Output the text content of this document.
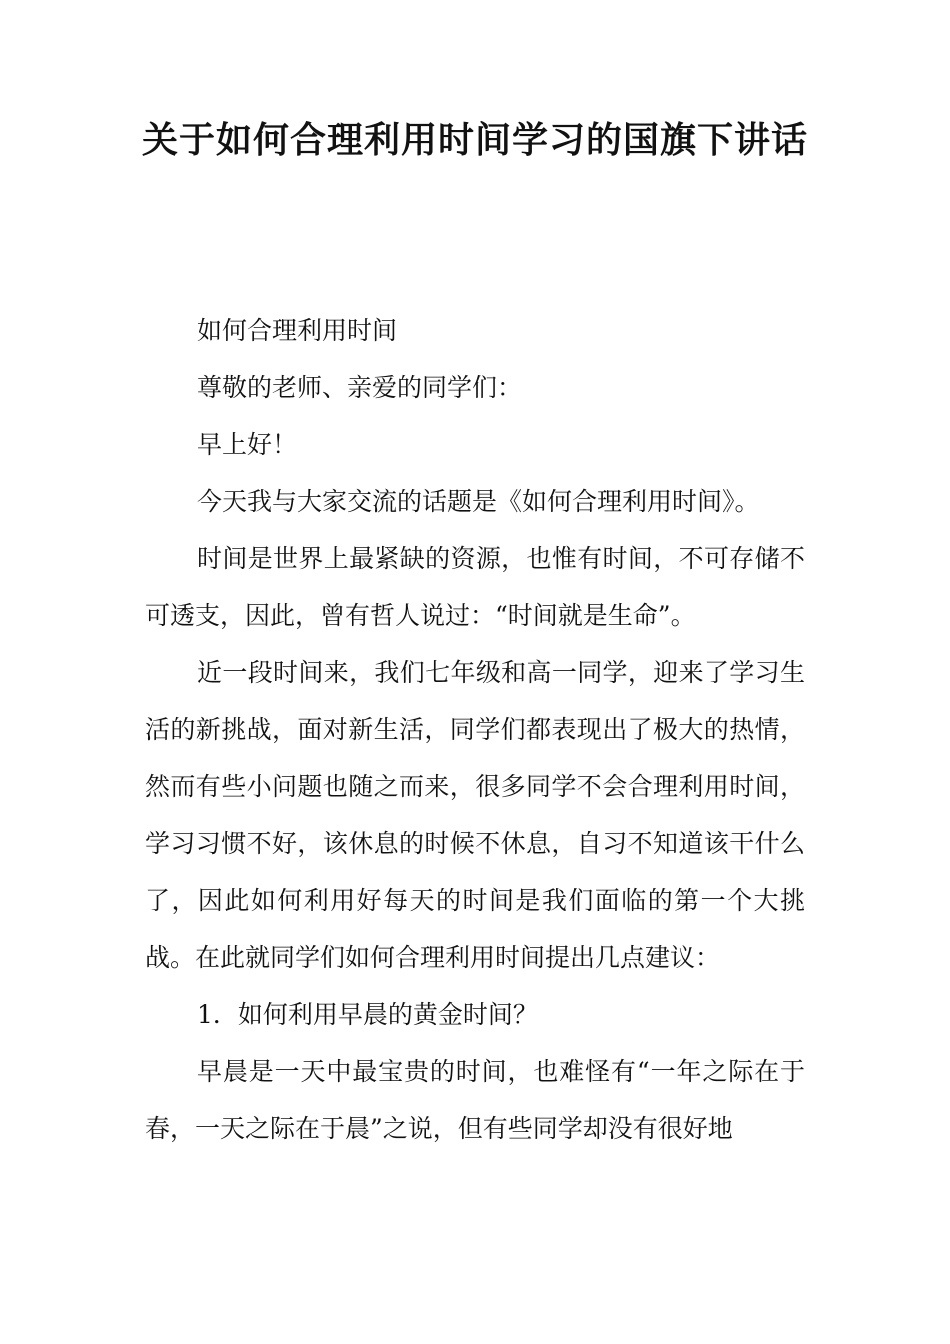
关于如何合理利用时间学习的国旗下讲话

如何合理利用时间

尊敬的老师、亲爱的同学们：

早上好！

今天我与大家交流的话题是《如何合理利用时间》。

时间是世界上最紧缺的资源，也惟有时间，不可存储不可透支，因此，曾有哲人说过：“时间就是生命”。

近一段时间来，我们七年级和高一同学，迎来了学习生活的新挑战，面对新生活，同学们都表现出了极大的热情，然而有些小问题也随之而来，很多同学不会合理利用时间，学习习惯不好，该休息的时候不休息，自习不知道该干什么了，因此如何利用好每天的时间是我们面临的第一个大挑战。在此就同学们如何合理利用时间提出几点建议：

1．如何利用早晨的黄金时间？

早晨是一天中最宝贵的时间，也难怪有“一年之际在于春，一天之际在于晨”之说，但有些同学却没有很好地
